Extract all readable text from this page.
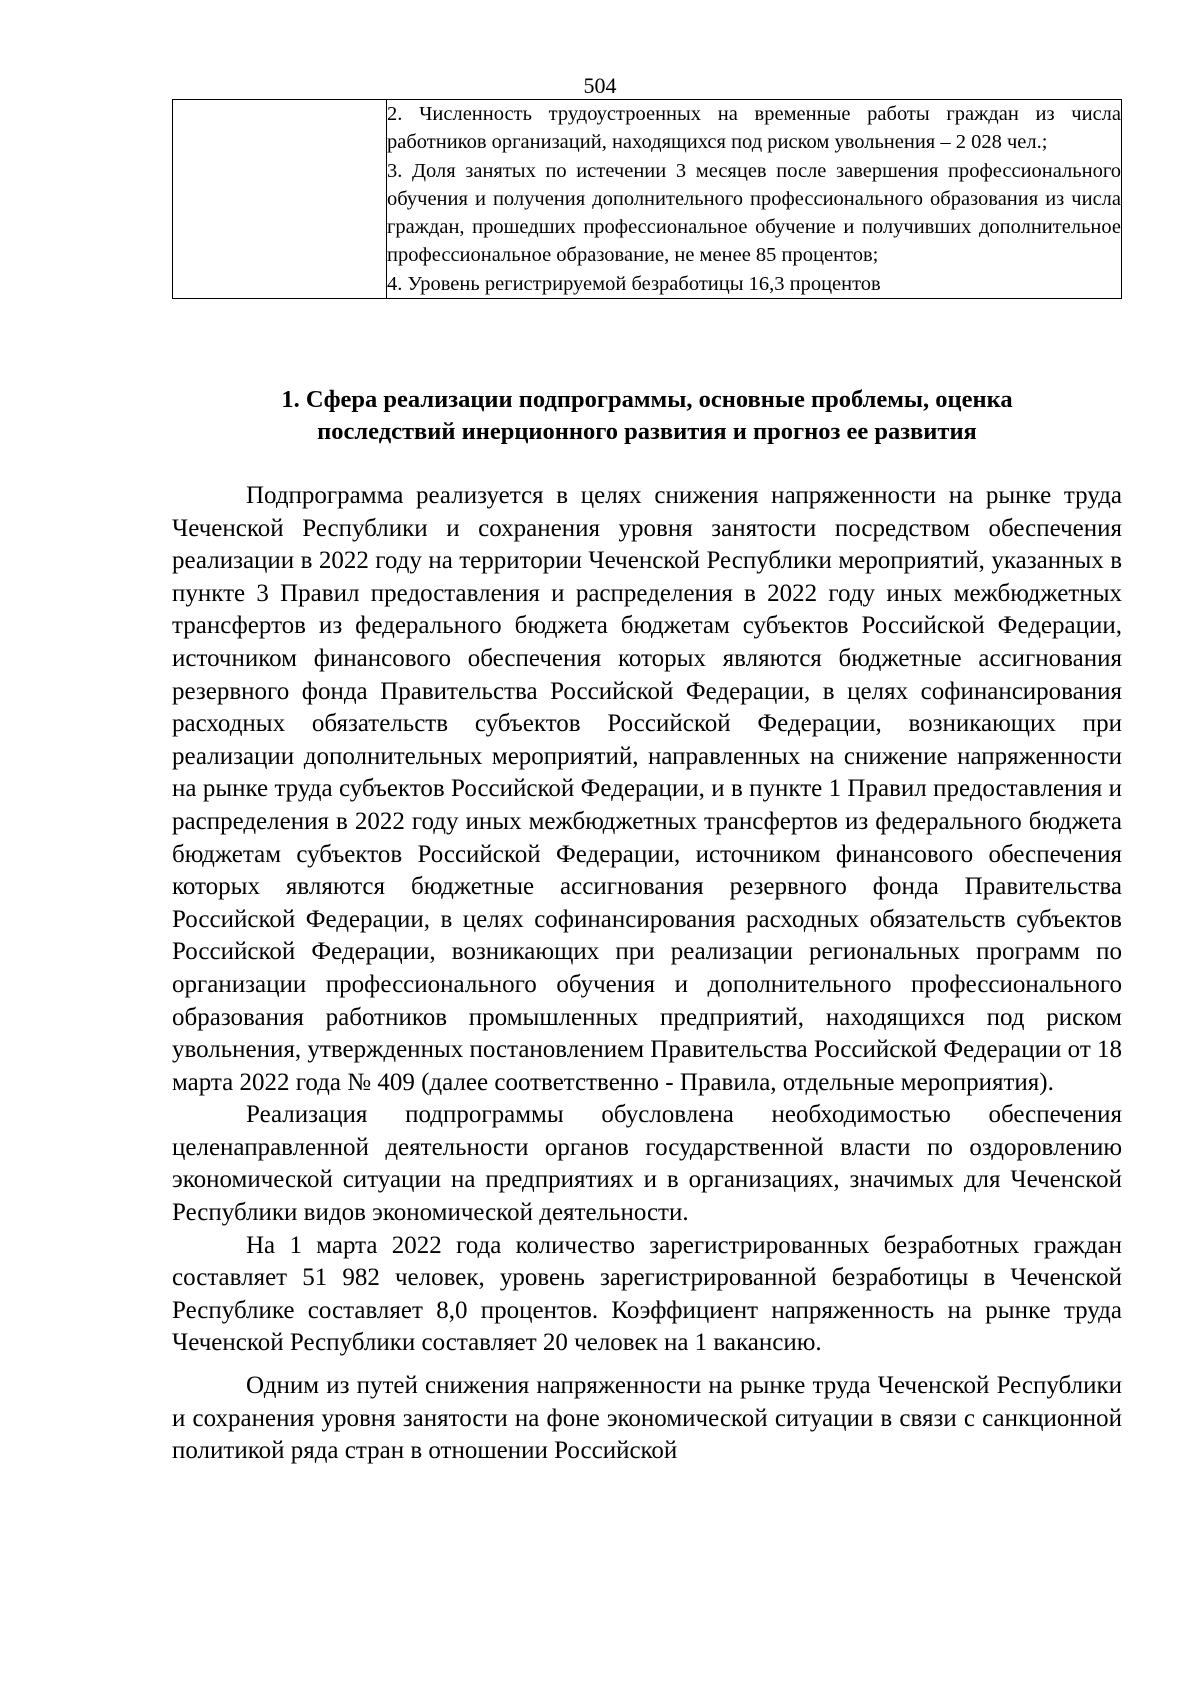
504

2. Численность трудоустроенных на временные работы граждан из числа работников организаций, находящихся под риском увольнения – 2 028 чел.;

3. Доля занятых по истечении 3 месяцев после завершения профессионального обучения и получения дополнительного профессионального образования из числа граждан, прошедших профессиональное обучение и получивших дополнительное профессиональное образование, не менее 85 процентов;

4. Уровень регистрируемой безработицы 16,3 процентов

1. Сфера реализации подпрограммы, основные проблемы, оценка
последствий инерционного развития и прогноз ее развития

Подпрограмма реализуется в целях снижения напряженности на рынке труда Чеченской Республики и сохранения уровня занятости посредством обеспечения реализации в 2022 году на территории Чеченской Республики мероприятий, указанных в пункте 3 Правил предоставления и распределения в 2022 году иных межбюджетных трансфертов из федерального бюджета бюджетам субъектов Российской Федерации, источником финансового обеспечения которых являются бюджетные ассигнования резервного фонда Правительства Российской Федерации, в целях софинансирования расходных обязательств субъектов Российской Федерации, возникающих при реализации дополнительных мероприятий, направленных на снижение напряженности на рынке труда субъектов Российской Федерации, и в пункте 1 Правил предоставления и распределения в 2022 году иных межбюджетных трансфертов из федерального бюджета бюджетам субъектов Российской Федерации, источником финансового обеспечения которых являются бюджетные ассигнования резервного фонда Правительства Российской Федерации, в целях софинансирования расходных обязательств субъектов Российской Федерации, возникающих при реализации региональных программ по организации профессионального обучения и дополнительного профессионального образования работников промышленных предприятий, находящихся под риском увольнения, утвержденных постановлением Правительства Российской Федерации от 18 марта 2022 года № 409 (далее соответственно - Правила, отдельные мероприятия).

Реализация подпрограммы обусловлена необходимостью обеспечения целенаправленной деятельности органов государственной власти по оздоровлению экономической ситуации на предприятиях и в организациях, значимых для Чеченской Республики видов экономической деятельности.

На 1 марта 2022 года количество зарегистрированных безработных граждан составляет 51 982 человек, уровень зарегистрированной безработицы в Чеченской Республике составляет 8,0 процентов. Коэффициент напряженность на рынке труда Чеченской Республики составляет 20 человек на 1 вакансию.

Одним из путей снижения напряженности на рынке труда Чеченской Республики и сохранения уровня занятости на фоне экономической ситуации в связи с санкционной политикой ряда стран в отношении Российской
